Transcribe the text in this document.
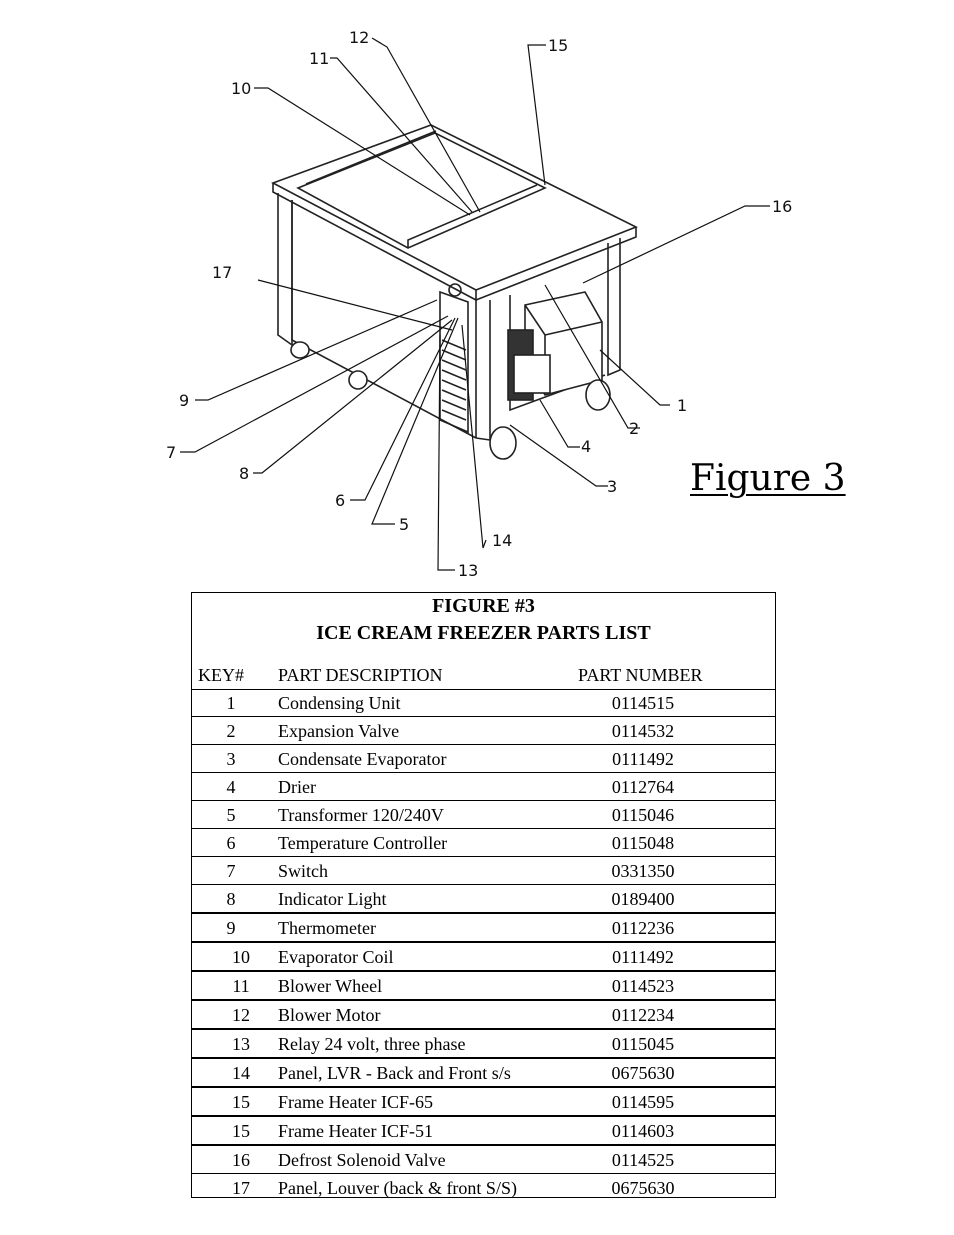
1
2
3
4
5
6
7
8
9
10
11
12
13
14
15
16
17
Figure 3
FIGURE #3
ICE CREAM FREEZER PARTS LIST
KEY# PART DESCRIPTION	PART NUMBER
1	Condensing Unit	0114515
2	Expansion Valve	0114532
3	Condensate Evaporator	0111492
4	Drier	0112764
5	Transformer 120/240V	0115046
6	Temperature Controller	0115048
7	Switch	0331350
8	Indicator Light	0189400
9	Thermometer	0112236
10	Evaporator Coil	0111492
11	Blower Wheel	0114523
12	Blower Motor	0112234
13	Relay 24 volt, three phase	0115045
14	Panel, LVR - Back and Front s/s	0675630
15	Frame Heater ICF-65	0114595
15	Frame Heater ICF-51	0114603
16	Defrost Solenoid Valve	0114525
17	Panel, Louver (back & front S/S)	0675630
